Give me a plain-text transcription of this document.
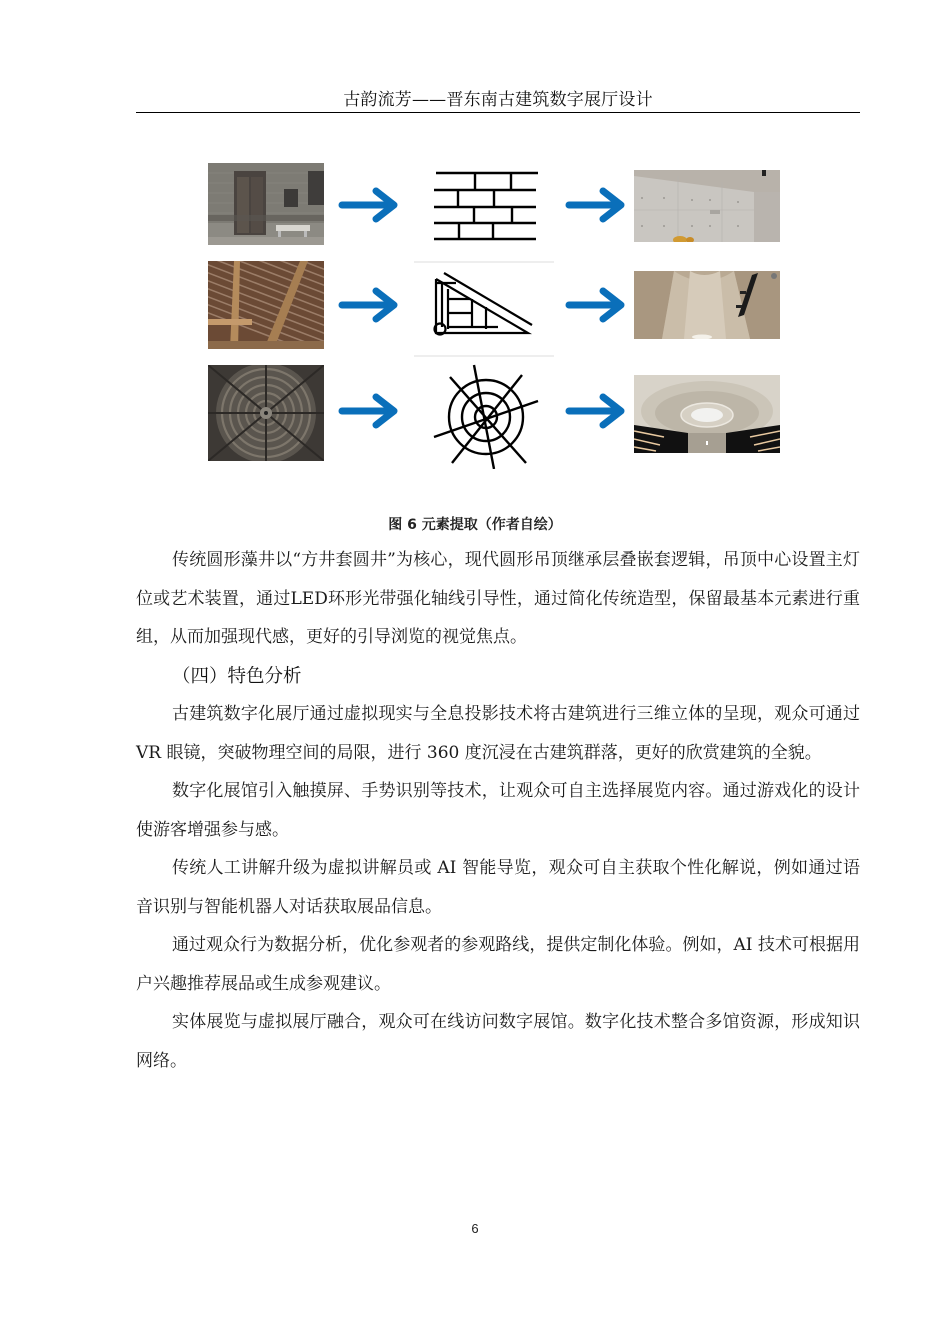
古韵流芳——晋东南古建筑数字展厅设计
图 6 元素提取（作者自绘）

传统圆形藻井以“方井套圆井”为核心，现代圆形吊顶继承层叠嵌套逻辑，吊顶中心设置主灯位或艺术装置，通过LED环形光带强化轴线引导性，通过简化传统造型，保留最基本元素进行重组，从而加强现代感，更好的引导浏览的视觉焦点。

（四）特色分析

古建筑数字化展厅通过虚拟现实与全息投影技术将古建筑进行三维立体的呈现，观众可通过 VR 眼镜，突破物理空间的局限，进行 360 度沉浸在古建筑群落，更好的欣赏建筑的全貌。

数字化展馆引入触摸屏、手势识别等技术，让观众可自主选择展览内容。通过游戏化的设计使游客增强参与感。

传统人工讲解升级为虚拟讲解员或 AI 智能导览，观众可自主获取个性化解说，例如通过语音识别与智能机器人对话获取展品信息。

通过观众行为数据分析，优化参观者的参观路线，提供定制化体验。例如，AI 技术可根据用户兴趣推荐展品或生成参观建议。

实体展览与虚拟展厅融合，观众可在线访问数字展馆。数字化技术整合多馆资源，形成知识网络。

6
